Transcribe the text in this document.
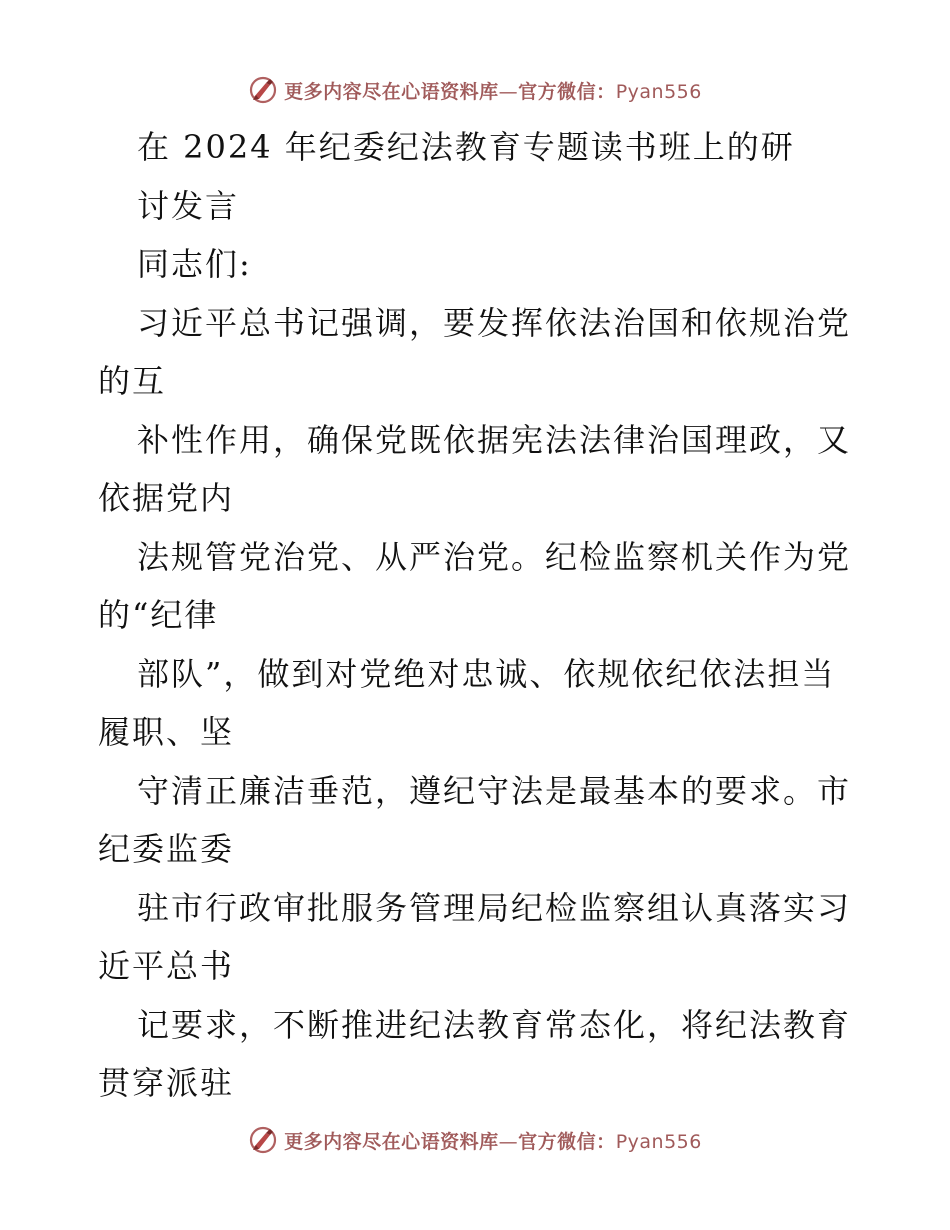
更多内容尽在心语资料库—官方微信：Pyan556
在 2024 年纪委纪法教育专题读书班上的研
讨发言
同志们:
习近平总书记强调，要发挥依法治国和依规治党
的互
补性作用，确保党既依据宪法法律治国理政，又
依据党内
法规管党治党、从严治党。纪检监察机关作为党
的“纪律
部队”，做到对党绝对忠诚、依规依纪依法担当
履职、坚
守清正廉洁垂范，遵纪守法是最基本的要求。市
纪委监委
驻市行政审批服务管理局纪检监察组认真落实习
近平总书
记要求，不断推进纪法教育常态化，将纪法教育
贯穿派驻
更多内容尽在心语资料库—官方微信：Pyan556
